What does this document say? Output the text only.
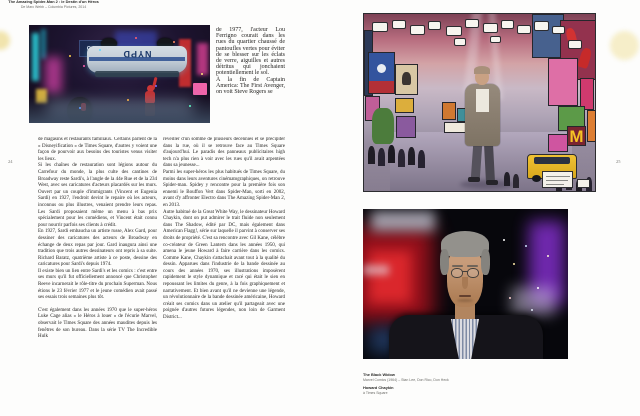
NYPD

de 1977, l'acteur Lou Ferrigno courait dans les rues du quartier chaussé de pantoufles vertes pour éviter de se blesser sur les éclats de verre, aiguilles et autres détritus qui jonchaient potentiellement le sol.

À la fin de Captain America: The First Avenger, on voit Steve Rogers se

de magasins et restaurants familiaux. Certains parlent de la « Disneyification » de Times Square, d'autres y voient une façon de pourvoir aux besoins des touristes venus visiter les lieux.

Si les chaînes de restauration sont légions autour du Carrefour du monde, la plus culte des cantines de Broadway reste Sardi's, à l'angle de la 44e Rue et de la 234 West, avec ses caricatures d'acteurs placardés sur les murs. Ouvert par un couple d'immigrants (Vincent et Eugenia Sardi) en 1927, l'endroit devint le repaire où les acteurs, inconnus ou plus illustres, venaient prendre leurs repas. Les Sardi proposaient même un menu à bas prix spécialement pour les comédiens, et Vincent était connu pour nourrir parfois ses clients à crédit.

En 1927, Sardi embaucha un artiste russe, Alex Gard, pour dessiner des caricatures des acteurs de Broadway en échange de deux repas par jour. Gard inaugura ainsi une tradition que trois autres dessinateurs ont repris à sa suite. Richard Baratz, quatrième artiste à ce poste, dessine des caricatures pour Sardi's depuis 1974.

Il existe bien un lien entre Sardi's et les comics : c'est entre ses murs qu'il fut officiellement annoncé que Christopher Reeve incarnerait le rôle-titre du prochain Superman. Nous étions le 23 février 1977 et le jeune comédien avait passé ses essais trois semaines plus tôt.

C'est également dans les années 1970 que le super-héros Luke Cage alias « le Héros à louer » de l'écurie Marvel, observait le Times Square des années maudites depuis les fenêtres de son bureau. Dans la série TV The Incredible Hulk

réveiller d'un somme de plusieurs décennies et se précipiter dans la rue, où il se retrouve face au Times Square d'aujourd'hui. Le paradis des panneaux publicitaires high tech n'a plus rien à voir avec les rues qu'il avait arpentées dans sa jeunesse...

Parmi les super-héros les plus habitués de Times Square, du moins dans leurs aventures cinématographiques, on retrouve Spider-man. Spidey y rencontre pour la première fois son ennemi le Bouffon Vert dans Spider-Man, sorti en 2002, avant d'y affronter Electro dans The Amazing Spider-Man 2, en 2013.

Autre habitué de la Great White Way, le dessinateur Howard Chaykin, dont on put admirer le trait fluide non seulement dans The Shadow, édité par DC, mais également dans American Flagg!, série sur laquelle il parvint à conserver ses droits de propriété. C'est sa rencontre avec Gil Kane, célèbre co-créateur de Green Lantern dans les années 1950, qui amena le jeune Howard à faire carrière dans les comics. Comme Kane, Chaykin s'attachait avant tout à la qualité du dessin. Apparues dans l'industrie de la bande dessinée au cours des années 1970, ses illustrations imposèrent rapidement le style dynamique et racé qui était le sien en repoussant les limites du genre, à la fois graphiquement et narrativement. Et bien avant qu'il ne devienne une légende, un révolutionnaire de la bande dessinée américaine, Howard créait ses comics dans un atelier qu'il partageait avec une poignée d'autres futures légendes, non loin de Garment District...

The Amazing Spider-Man 2 : le Destin d'un Héros
De Marc Webb – Columbia Pictures, 2014
24
M
The Black Widow
Marvel Comics (1964) – Stan Lee, Don Rico, Don Heck
Howard Chaykin
à Times Square
25
